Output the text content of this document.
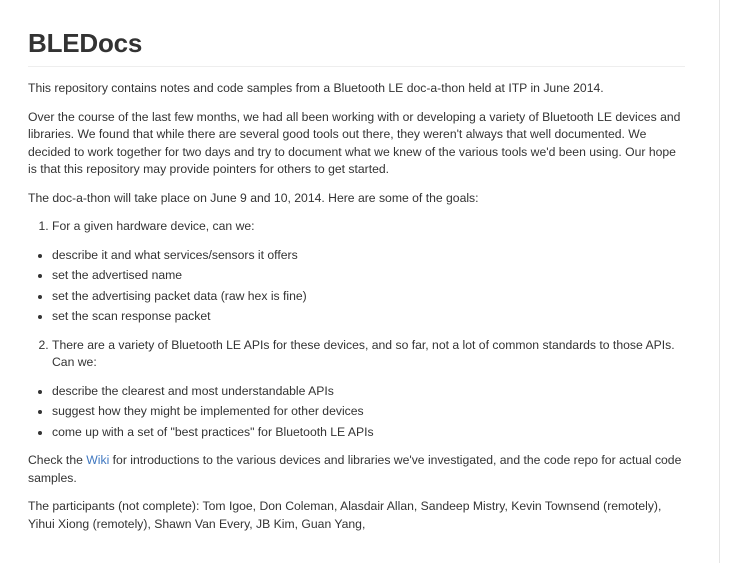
BLEDocs

This repository contains notes and code samples from a Bluetooth LE doc-a-thon held at ITP in June 2014.

Over the course of the last few months, we had all been working with or developing a variety of Bluetooth LE devices and libraries. We found that while there are several good tools out there, they weren't always that well documented. We decided to work together for two days and try to document what we knew of the various tools we'd been using. Our hope is that this repository may provide pointers for others to get started.

The doc-a-thon will take place on June 9 and 10, 2014. Here are some of the goals:

1. For a given hardware device, can we:
• describe it and what services/sensors it offers
• set the advertised name
• set the advertising packet data (raw hex is fine)
• set the scan response packet
2. There are a variety of Bluetooth LE APIs for these devices, and so far, not a lot of common standards to those APIs. Can we:
• describe the clearest and most understandable APIs
• suggest how they might be implemented for other devices
• come up with a set of "best practices" for Bluetooth LE APIs

Check the Wiki for introductions to the various devices and libraries we've investigated, and the code repo for actual code samples.

The participants (not complete): Tom Igoe, Don Coleman, Alasdair Allan, Sandeep Mistry, Kevin Townsend (remotely), Yihui Xiong (remotely), Shawn Van Every, JB Kim, Guan Yang,
